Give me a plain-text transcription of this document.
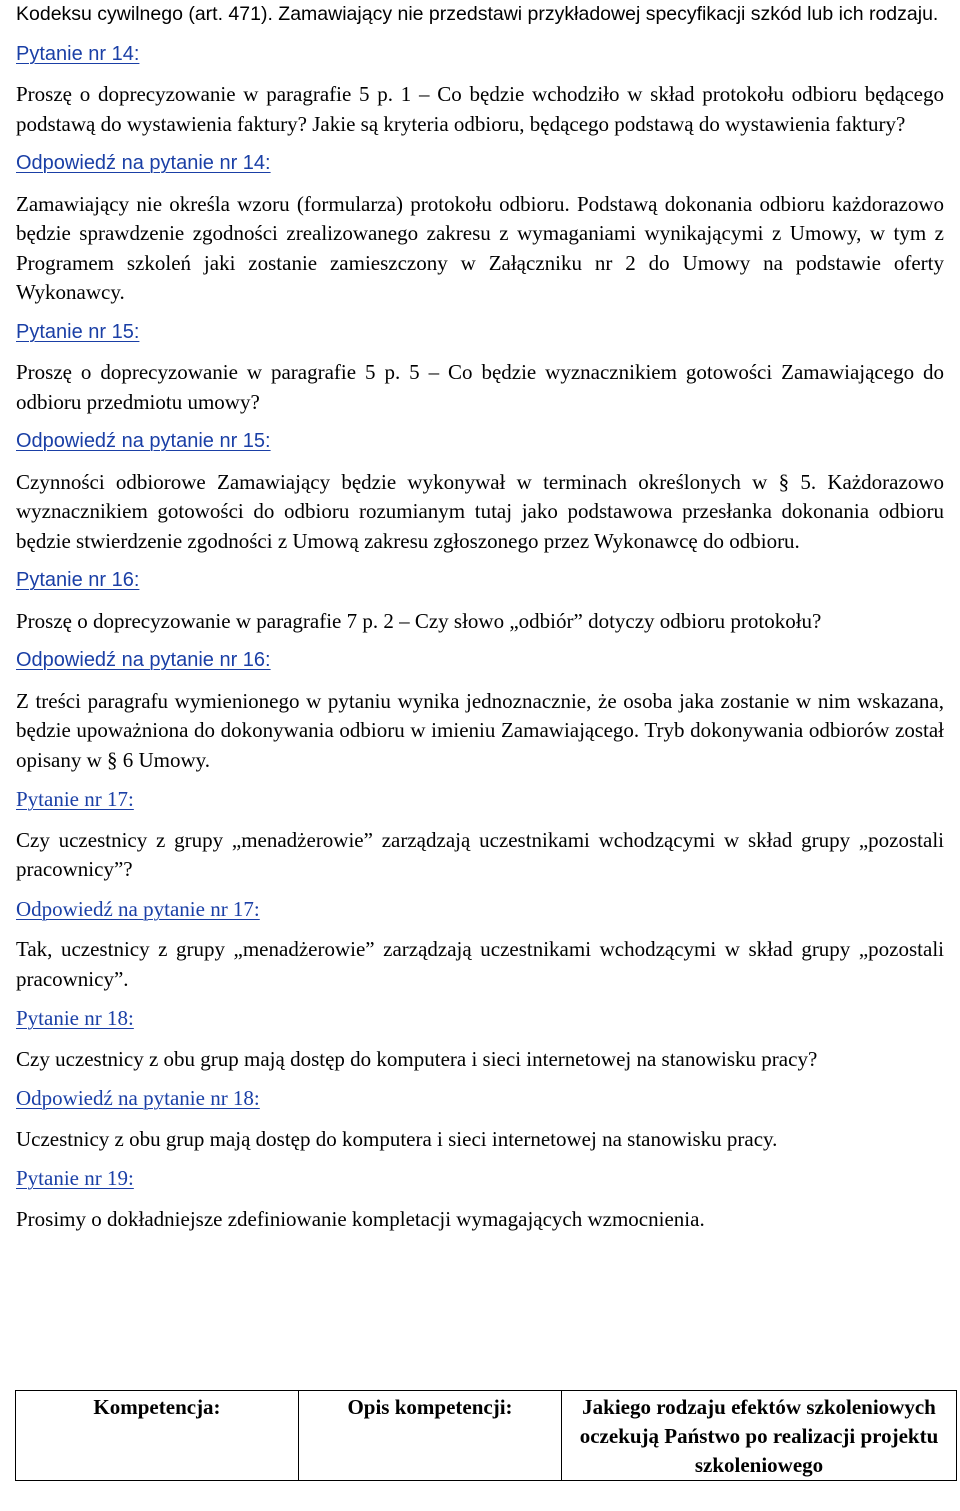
Kodeksu cywilnego (art. 471). Zamawiający nie przedstawi przykładowej specyfikacji szkód lub ich rodzaju.

Pytanie nr 14:

Proszę o doprecyzowanie w paragrafie 5 p. 1 – Co będzie wchodziło w skład protokołu odbioru będącego podstawą do wystawienia faktury? Jakie są kryteria odbioru, będącego podstawą do wystawienia faktury?

Odpowiedź na pytanie nr 14:

Zamawiający nie określa wzoru (formularza) protokołu odbioru. Podstawą dokonania odbioru każdorazowo będzie sprawdzenie zgodności zrealizowanego zakresu z wymaganiami wynikającymi z Umowy, w tym z Programem szkoleń jaki zostanie zamieszczony w Załączniku nr 2 do Umowy na podstawie oferty Wykonawcy.

Pytanie nr 15:

Proszę o doprecyzowanie w paragrafie 5 p. 5 – Co będzie wyznacznikiem gotowości Zamawiającego do odbioru przedmiotu umowy?

Odpowiedź na pytanie nr 15:

Czynności odbiorowe Zamawiający będzie wykonywał w terminach określonych w § 5. Każdorazowo wyznacznikiem gotowości do odbioru rozumianym tutaj jako podstawowa przesłanka dokonania odbioru będzie stwierdzenie zgodności z Umową zakresu zgłoszonego przez Wykonawcę do odbioru.

Pytanie nr 16:

Proszę o doprecyzowanie w paragrafie 7 p. 2 – Czy słowo „odbiór” dotyczy odbioru protokołu?

Odpowiedź na pytanie nr 16:

Z treści paragrafu wymienionego w pytaniu wynika jednoznacznie, że osoba jaka zostanie w nim wskazana, będzie upoważniona do dokonywania odbioru w imieniu Zamawiającego. Tryb dokonywania odbiorów został opisany w § 6 Umowy.

Pytanie nr 17:

Czy uczestnicy z grupy „menadżerowie” zarządzają uczestnikami wchodzącymi w skład grupy „pozostali pracownicy”?

Odpowiedź na pytanie nr 17:

Tak, uczestnicy z grupy „menadżerowie” zarządzają uczestnikami wchodzącymi w skład grupy „pozostali pracownicy”.

Pytanie nr 18:

Czy uczestnicy z obu grup mają dostęp do komputera i sieci internetowej na stanowisku pracy?

Odpowiedź na pytanie nr 18:

Uczestnicy z obu grup mają dostęp do komputera i sieci internetowej na stanowisku pracy.

Pytanie nr 19:

Prosimy o dokładniejsze zdefiniowanie kompletacji wymagających wzmocnienia.

Kompetencja:	Opis kompetencji:	Jakiego rodzaju efektów szkoleniowych oczekują Państwo po realizacji projektu szkoleniowego
